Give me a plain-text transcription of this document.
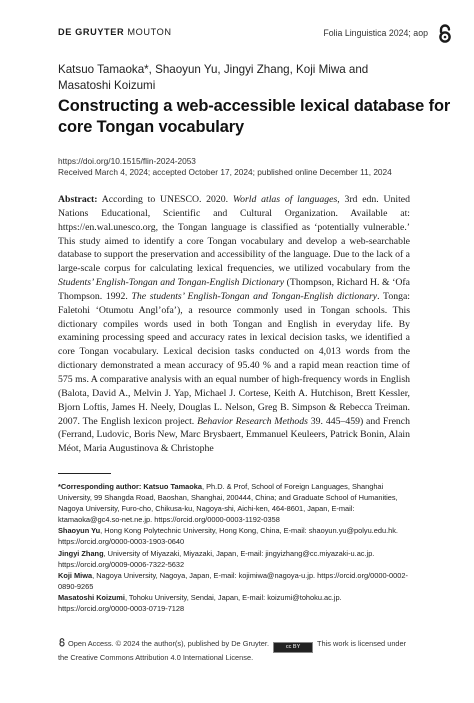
DE GRUYTER MOUTON	Folia Linguistica 2024; aop
Katsuo Tamaoka*, Shaoyun Yu, Jingyi Zhang, Koji Miwa and
Masatoshi Koizumi
Constructing a web-accessible lexical database for core Tongan vocabulary
https://doi.org/10.1515/flin-2024-2053
Received March 4, 2024; accepted October 17, 2024; published online December 11, 2024
Abstract: According to UNESCO. 2020. World atlas of languages, 3rd edn. United Nations Educational, Scientific and Cultural Organization. Available at: https://en.wal.unesco.org, the Tongan language is classified as ‘potentially vulnerable.’ This study aimed to identify a core Tongan vocabulary and develop a web-searchable database to support the preservation and accessibility of the language. Due to the lack of a large-scale corpus for calculating lexical frequencies, we utilized vocabulary from the Students’ English-Tongan and Tongan-English Dictionary (Thompson, Richard H. & ‘Ofa Thompson. 1992. The students’ English-Tongan and Tongan-English dictionary. Tonga: Faletohi ‘Otumotu Angl’ofa’), a resource commonly used in Tongan schools. This dictionary compiles words used in both Tongan and English in everyday life. By examining processing speed and accuracy rates in lexical decision tasks, we identified a core Tongan vocabulary. Lexical decision tasks conducted on 4,013 words from the dictionary demonstrated a mean accuracy of 95.40 % and a rapid mean reaction time of 575 ms. A comparative analysis with an equal number of high-frequency words in English (Balota, David A., Melvin J. Yap, Michael J. Cortese, Keith A. Hutchison, Brett Kessler, Bjorn Loftis, James H. Neely, Douglas L. Nelson, Greg B. Simpson & Rebecca Treiman. 2007. The English lexicon project. Behavior Research Methods 39. 445–459) and French (Ferrand, Ludovic, Boris New, Marc Brysbaert, Emmanuel Keuleers, Patrick Bonin, Alain Méot, Maria Augustinova & Christophe

*Corresponding author: Katsuo Tamaoka, Ph.D. & Prof, School of Foreign Languages, Shanghai University, 99 Shangda Road, Baoshan, Shanghai, 200444, China; and Graduate School of Humanities, Nagoya University, Furo-cho, Chikusa-ku, Nagoya-shi, Aichi-ken, 464-8601, Japan, E-mail: ktamaoka@gc4.so-net.ne.jp. https://orcid.org/0000-0003-1192-0358

Shaoyun Yu, Hong Kong Polytechnic University, Hong Kong, China, E-mail: shaoyun.yu@polyu.edu.hk. https://orcid.org/0000-0003-1903-0640

Jingyi Zhang, University of Miyazaki, Miyazaki, Japan, E-mail: jingyizhang@cc.miyazaki-u.ac.jp. https://orcid.org/0009-0006-7322-5632

Koji Miwa, Nagoya University, Nagoya, Japan, E-mail: kojimiwa@nagoya-u.jp. https://orcid.org/0000-0002-0890-9265

Masatoshi Koizumi, Tohoku University, Sendai, Japan, E-mail: koizumi@tohoku.ac.jp. https://orcid.org/0000-0003-0719-7128

Open Access. © 2024 the author(s), published by De Gruyter.	cc BY This work is licensed under the Creative Commons Attribution 4.0 International License.
